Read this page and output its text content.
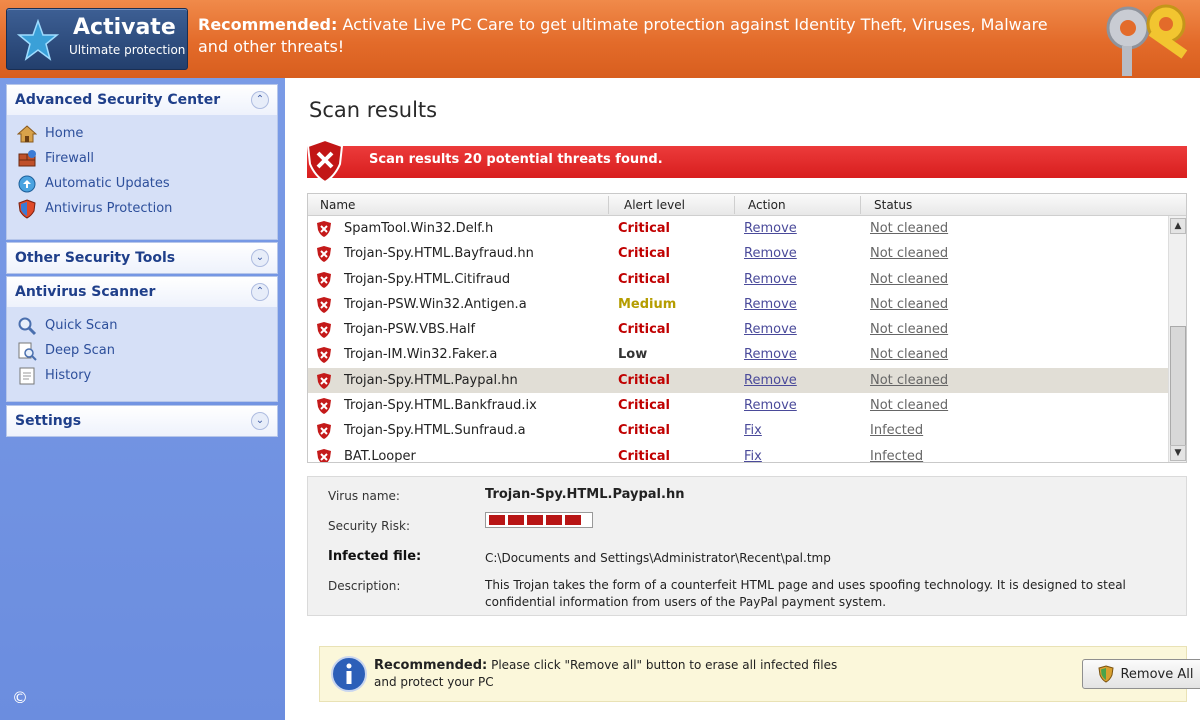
Activate
Ultimate protection
Recommended: Activate Live PC Care to get ultimate protection against Identity Theft, Viruses, Malware and other threats!
Advanced Security Center	⌃
Home
Firewall
Automatic Updates
Antivirus Protection
Other Security Tools	⌄
Antivirus Scanner	⌃
Quick Scan
Deep Scan
History
Settings	⌄
Scan results
Scan results 20 potential threats found.
Name	Alert level	Action	Status
SpamTool.Win32.Delf.h	Critical	Remove	Not cleaned
Trojan-Spy.HTML.Bayfraud.hn	Critical	Remove	Not cleaned
Trojan-Spy.HTML.Citifraud	Critical	Remove	Not cleaned
Trojan-PSW.Win32.Antigen.a	Medium	Remove	Not cleaned
Trojan-PSW.VBS.Half	Critical	Remove	Not cleaned
Trojan-IM.Win32.Faker.a	Low	Remove	Not cleaned
Trojan-Spy.HTML.Paypal.hn	Critical	Remove	Not cleaned
Trojan-Spy.HTML.Bankfraud.ix	Critical	Remove	Not cleaned
Trojan-Spy.HTML.Sunfraud.a	Critical	Fix	Infected
BAT.Looper	Critical	Fix	Infected
▲
▼
Virus name:	Trojan-Spy.HTML.Paypal.hn
Security Risk:
Infected file:	C:\Documents and Settings\Administrator\Recent\pal.tmp
Description:	This Trojan takes the form of a counterfeit HTML page and uses spoofing technology. It is designed to steal confidential information from users of the PayPal payment system.
Recommended: Please click "Remove all" button to erase all infected files
and protect your PC
Remove All
©
